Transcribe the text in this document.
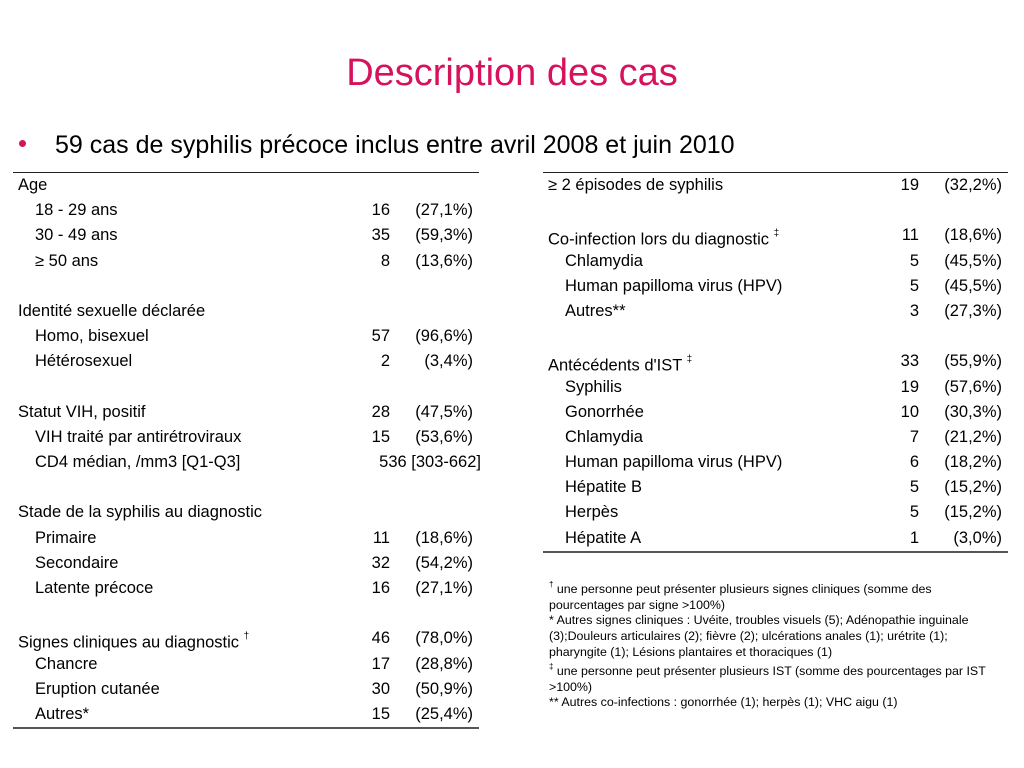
Description des cas
59 cas de syphilis précoce inclus entre avril 2008 et juin 2010
Age
18 - 29 ans	16 (27,1%)
30 - 49 ans	35 (59,3%)
≥ 50 ans	8 (13,6%)
Identité sexuelle déclarée
Homo, bisexuel	57 (96,6%)
Hétérosexuel	2 (3,4%)
Statut VIH, positif	28 (47,5%)
VIH traité par antirétroviraux	15 (53,6%)
CD4 médian, /mm3 [Q1-Q3]	536 [303-662]
Stade de la syphilis au diagnostic
Primaire	11 (18,6%)
Secondaire	32 (54,2%)
Latente précoce	16 (27,1%)
Signes cliniques au diagnostic †	46 (78,0%)
Chancre	17 (28,8%)
Eruption cutanée	30 (50,9%)
Autres*	15 (25,4%)
≥ 2 épisodes de syphilis	19 (32,2%)
Co-infection lors du diagnostic ‡	11 (18,6%)
Chlamydia	5 (45,5%)
Human papilloma virus (HPV)	5 (45,5%)
Autres**	3 (27,3%)
Antécédents d'IST ‡	33 (55,9%)
Syphilis	19 (57,6%)
Gonorrhée	10 (30,3%)
Chlamydia	7 (21,2%)
Human papilloma virus (HPV)	6 (18,2%)
Hépatite B	5 (15,2%)
Herpès	5 (15,2%)
Hépatite A	1 (3,0%)

† une personne peut présenter plusieurs signes cliniques (somme des pourcentages par signe >100%)

* Autres signes cliniques : Uvéite, troubles visuels (5); Adénopathie inguinale (3);Douleurs articulaires (2); fièvre (2); ulcérations anales (1); urétrite (1); pharyngite (1); Lésions plantaires et thoraciques (1)

‡ une personne peut présenter plusieurs IST (somme des pourcentages par IST >100%)

** Autres co-infections : gonorrhée (1); herpès (1); VHC aigu (1)
